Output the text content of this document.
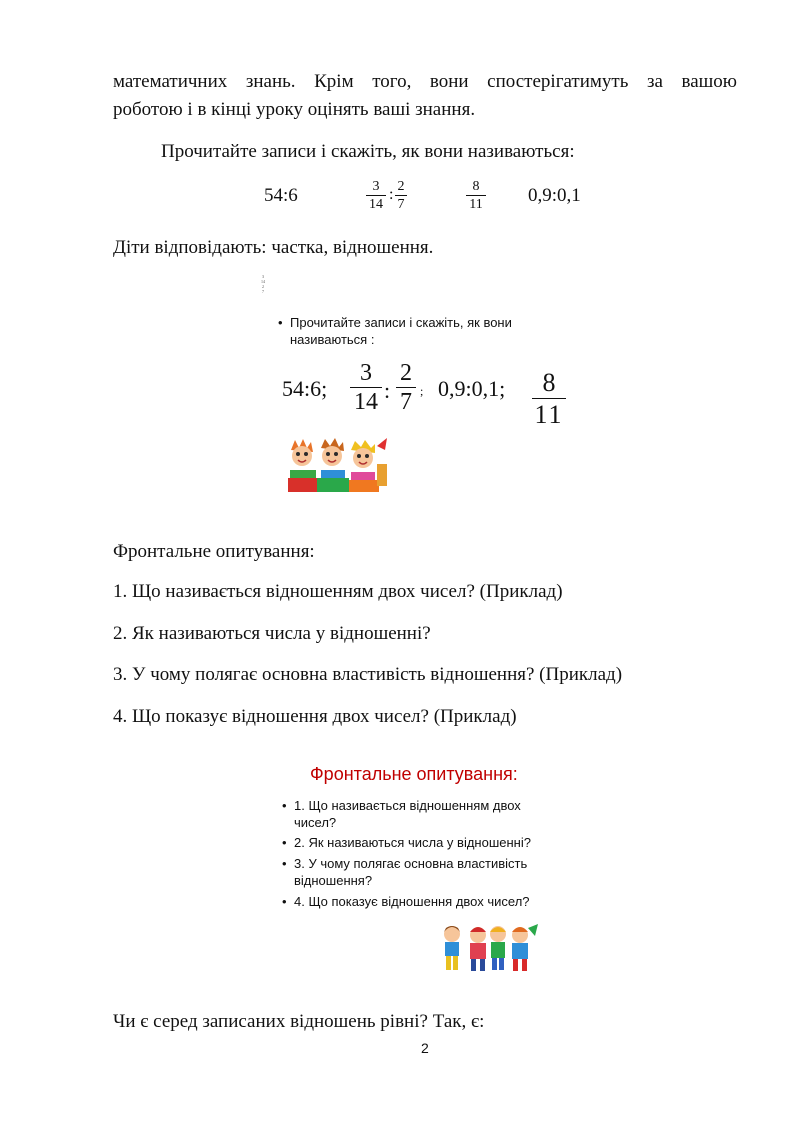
математичних знань. Крім того, вони спостерігатимуть за вашою
роботою і в кінці уроку оцінять ваші знання.
Прочитайте записи і скажіть, як вони називаються:
54:6	3
14
: 2
7
8
11 0,9:0,1
Діти відповідають: частка, відношення.
3
14
2
7
• Прочитайте записи і скажіть, як вони
називаються :
54:6;
3
14 :
2
7 ; 0,9:0,1;	8
11
Фронтальне опитування:
1. Що називається відношенням двох чисел? (Приклад)
2. Як називаються числа у відношенні?
3. У чому полягає основна властивість відношення? (Приклад)
4. Що показує відношення двох чисел? (Приклад)
Фронтальне опитування:
• 1. Що називається відношенням двох
чисел?
• 2. Як називаються числа у відношенні?
• 3. У чому полягає основна властивість
відношення?
• 4. Що показує відношення двох чисел?
Чи є серед записаних відношень рівні? Так, є:
2
